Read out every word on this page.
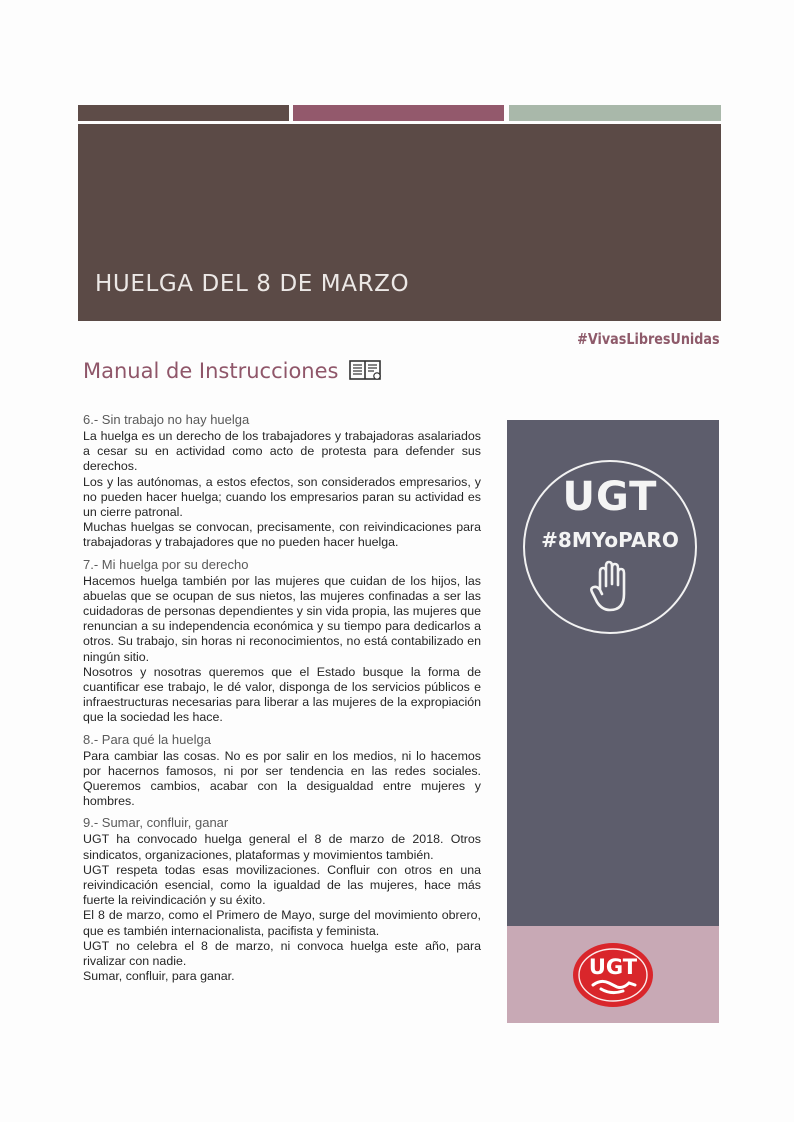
HUELGA DEL 8 DE MARZO
#VivasLibresUnidas
Manual de Instrucciones
6.- Sin trabajo no hay huelga

La huelga es un derecho de los trabajadores y trabajadoras asalariados a cesar su en actividad como acto de protesta para defender sus derechos.

Los y las autónomas, a estos efectos, son considerados empresarios, y no pueden hacer huelga; cuando los empresarios paran su actividad es un cierre patronal.

Muchas huelgas se convocan, precisamente, con reivindicaciones para trabajadoras y trabajadores que no pueden hacer huelga.

7.- Mi huelga por su derecho

Hacemos huelga también por las mujeres que cuidan de los hijos, las abuelas que se ocupan de sus nietos, las mujeres confinadas a ser las cuidadoras de personas dependientes y sin vida propia, las mujeres que renuncian a su independencia económica y su tiempo para dedicarlos a otros. Su trabajo, sin horas ni reconocimientos, no está contabilizado en ningún sitio.

Nosotros y nosotras queremos que el Estado busque la forma de cuantificar ese trabajo, le dé valor, disponga de los servicios públicos e infraestructuras necesarias para liberar a las mujeres de la expropiación que la sociedad les hace.

8.- Para qué la huelga

Para cambiar las cosas. No es por salir en los medios, ni lo hacemos por hacernos famosos, ni por ser tendencia en las redes sociales. Queremos cambios, acabar con la desigualdad entre mujeres y hombres.

9.- Sumar, confluir, ganar

UGT ha convocado huelga general el 8 de marzo de 2018. Otros sindicatos, organizaciones, plataformas y movimientos también.

UGT respeta todas esas movilizaciones. Confluir con otros en una reivindicación esencial, como la igualdad de las mujeres, hace más fuerte la reivindicación y su éxito.

El 8 de marzo, como el Primero de Mayo, surge del movimiento obrero, que es también internacionalista, pacifista y feminista.

UGT no celebra el 8 de marzo, ni convoca huelga este año, para rivalizar con nadie.

Sumar, confluir, para ganar.

UGT
#8MYoPARO
UGT
